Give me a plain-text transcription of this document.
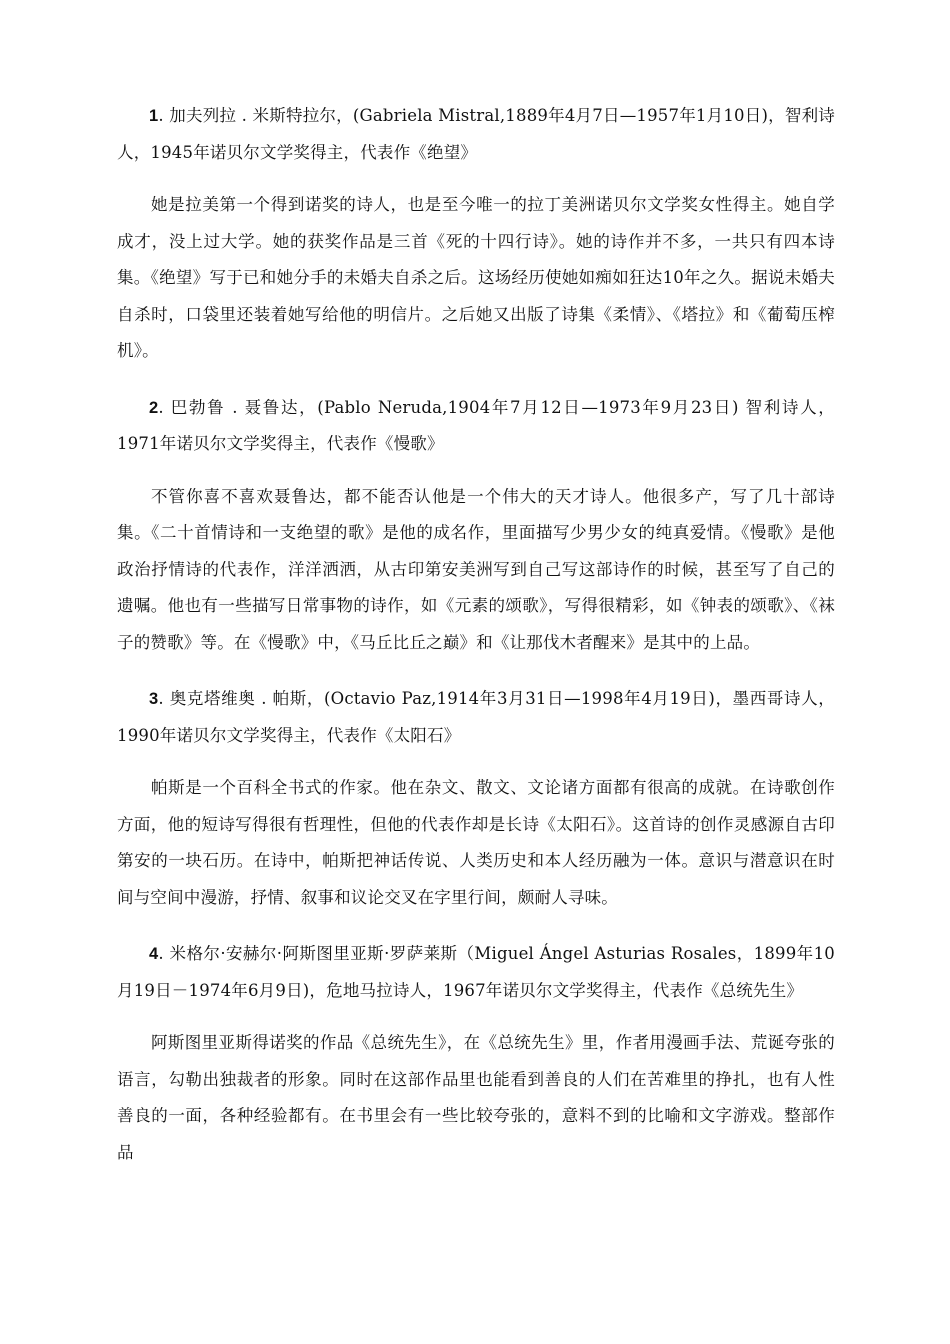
1. 加夫列拉 . 米斯特拉尔，(Gabriela Mistral,1889年4月7日—1957年1月10日)，智利诗人，1945年诺贝尔文学奖得主，代表作《绝望》

她是拉美第一个得到诺奖的诗人，也是至今唯一的拉丁美洲诺贝尔文学奖女性得主。她自学成才，没上过大学。她的获奖作品是三首《死的十四行诗》。她的诗作并不多，一共只有四本诗集。《绝望》写于已和她分手的未婚夫自杀之后。这场经历使她如痴如狂达10年之久。据说未婚夫自杀时，口袋里还装着她写给他的明信片。之后她又出版了诗集《柔情》、《塔拉》和《葡萄压榨机》。

2. 巴勃鲁 . 聂鲁达，(Pablo Neruda,1904年7月12日—1973年9月23日) 智利诗人，1971年诺贝尔文学奖得主，代表作《慢歌》

不管你喜不喜欢聂鲁达，都不能否认他是一个伟大的天才诗人。他很多产，写了几十部诗集。《二十首情诗和一支绝望的歌》是他的成名作，里面描写少男少女的纯真爱情。《慢歌》是他政治抒情诗的代表作，洋洋洒洒，从古印第安美洲写到自己写这部诗作的时候，甚至写了自己的遗嘱。他也有一些描写日常事物的诗作，如《元素的颂歌》，写得很精彩，如《钟表的颂歌》、《袜子的赞歌》等。在《慢歌》中，《马丘比丘之巅》和《让那伐木者醒来》是其中的上品。

3. 奥克塔维奥 . 帕斯，(Octavio Paz,1914年3月31日—1998年4月19日)，墨西哥诗人，1990年诺贝尔文学奖得主，代表作《太阳石》

帕斯是一个百科全书式的作家。他在杂文、散文、文论诸方面都有很高的成就。在诗歌创作方面，他的短诗写得很有哲理性，但他的代表作却是长诗《太阳石》。这首诗的创作灵感源自古印第安的一块石历。在诗中，帕斯把神话传说、人类历史和本人经历融为一体。意识与潜意识在时间与空间中漫游，抒情、叙事和议论交叉在字里行间，颇耐人寻味。

4. 米格尔·安赫尔·阿斯图里亚斯·罗萨莱斯（Miguel Ángel Asturias Rosales，1899年10月19日－1974年6月9日)，危地马拉诗人，1967年诺贝尔文学奖得主，代表作《总统先生》

阿斯图里亚斯得诺奖的作品《总统先生》，在《总统先生》里，作者用漫画手法、荒诞夸张的语言，勾勒出独裁者的形象。同时在这部作品里也能看到善良的人们在苦难里的挣扎，也有人性善良的一面，各种经验都有。在书里会有一些比较夸张的，意料不到的比喻和文字游戏。整部作品
